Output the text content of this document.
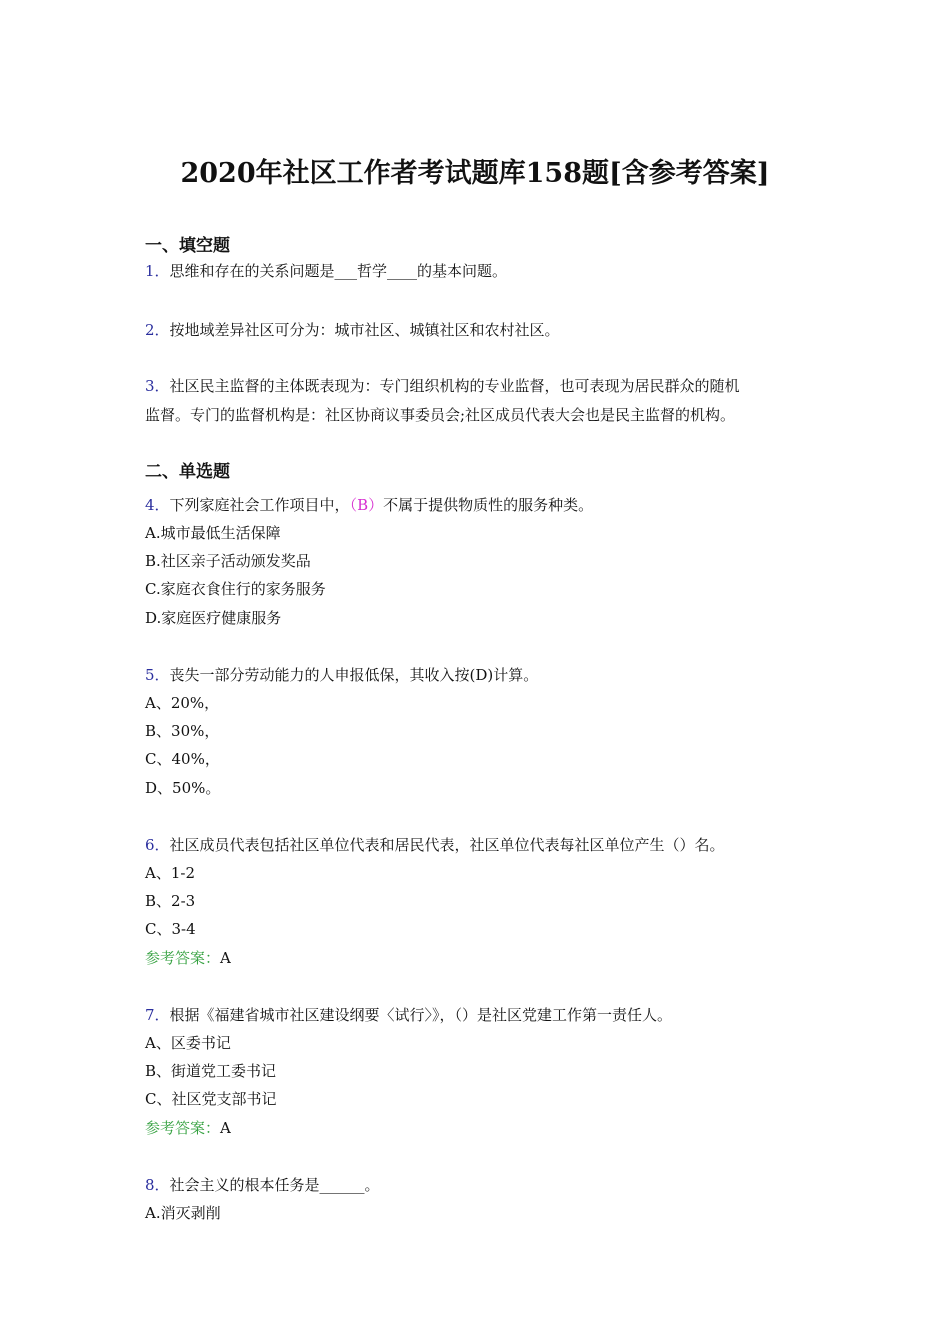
2020年社区工作者考试题库158题[含参考答案]
一、填空题
1．思维和存在的关系问题是___哲学____的基本问题。
2．按地域差异社区可分为：城市社区、城镇社区和农村社区。
3．社区民主监督的主体既表现为：专门组织机构的专业监督，也可表现为居民群众的随机
监督。专门的监督机构是：社区协商议事委员会;社区成员代表大会也是民主监督的机构。
二、单选题
4．下列家庭社会工作项目中，（B）不属于提供物质性的服务种类。
A.城市最低生活保障
B.社区亲子活动颁发奖品
C.家庭衣食住行的家务服务
D.家庭医疗健康服务
5．丧失一部分劳动能力的人申报低保，其收入按(D)计算。
A、20%，
B、30%，
C、40%，
D、50%。
6．社区成员代表包括社区单位代表和居民代表，社区单位代表每社区单位产生（）名。
A、1-2
B、2-3
C、3-4
参考答案：A
7．根据《福建省城市社区建设纲要〈试行〉》，（）是社区党建工作第一责任人。
A、区委书记
B、街道党工委书记
C、社区党支部书记
参考答案：A
8．社会主义的根本任务是______。
A.消灭剥削
